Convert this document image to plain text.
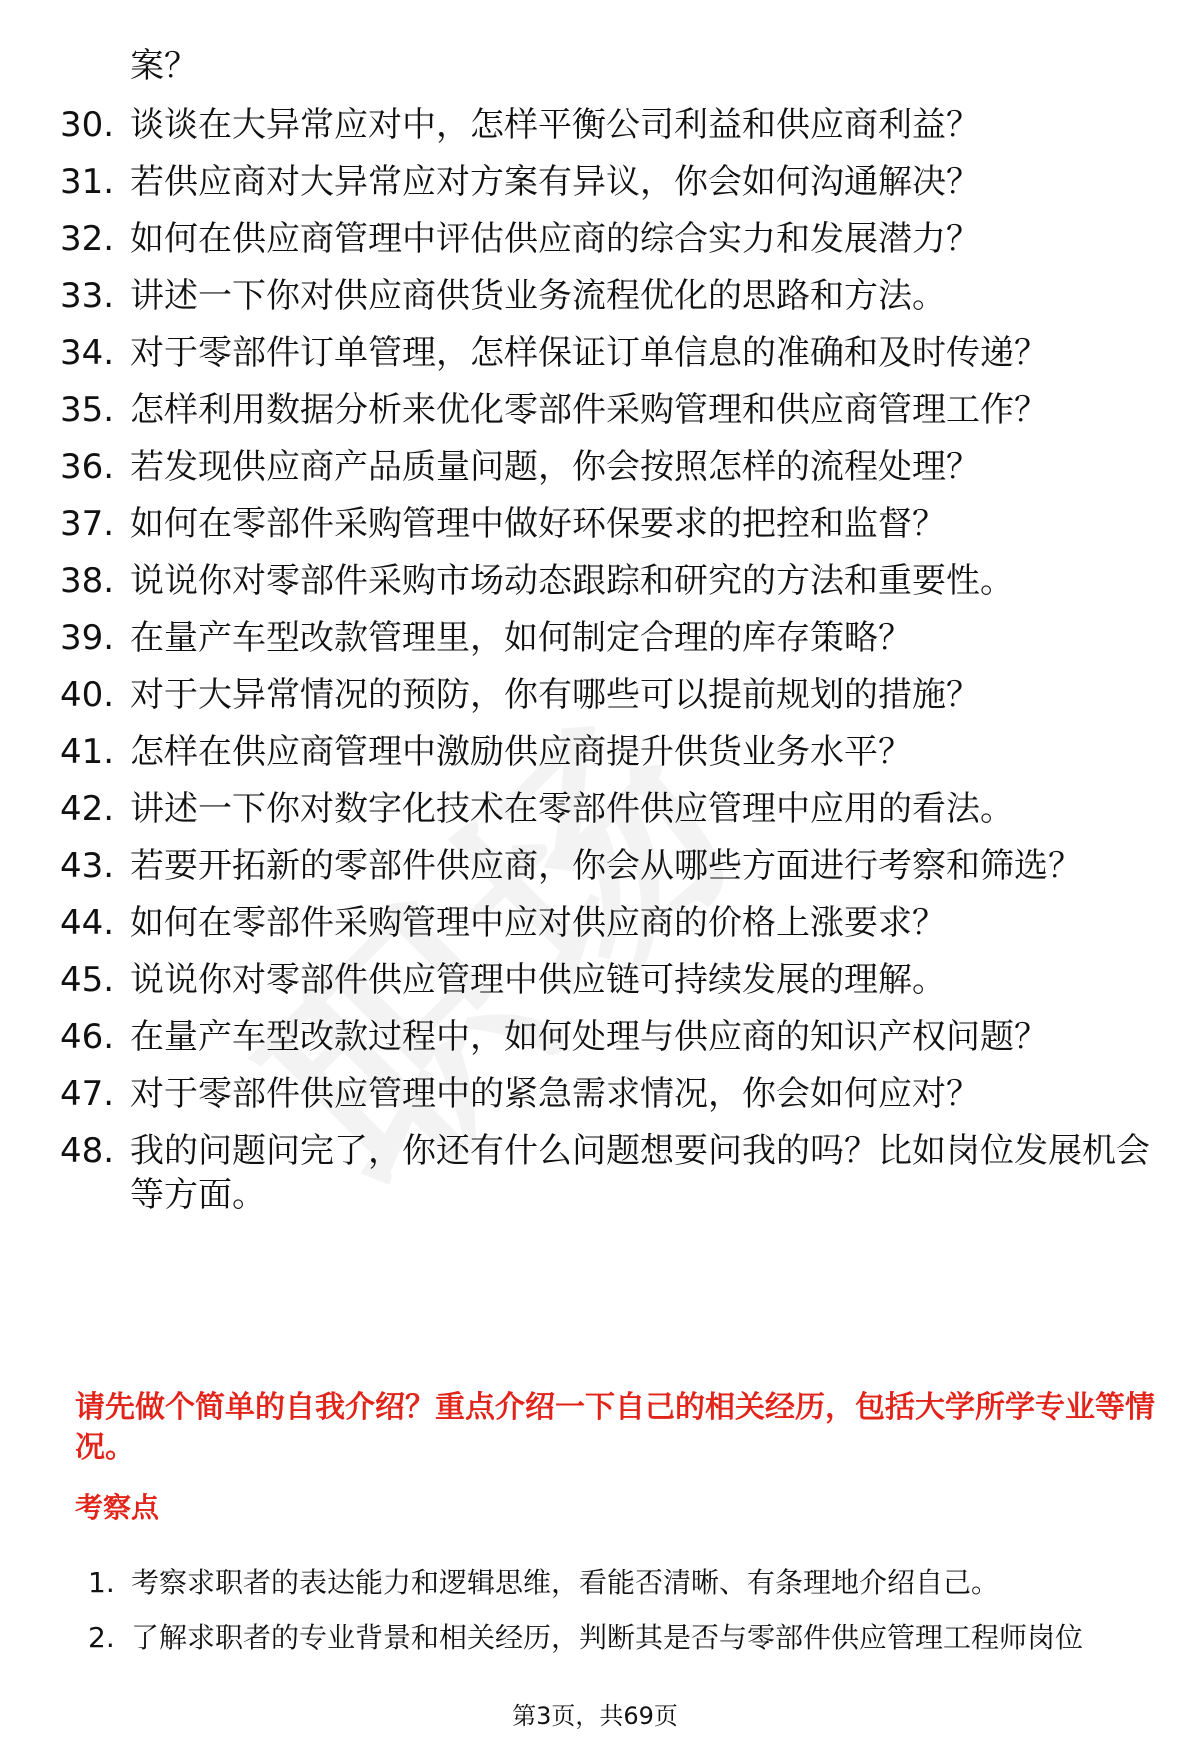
案？
30. 谈谈在大异常应对中，怎样平衡公司利益和供应商利益？
31. 若供应商对大异常应对方案有异议，你会如何沟通解决？
32. 如何在供应商管理中评估供应商的综合实力和发展潜力？
33. 讲述一下你对供应商供货业务流程优化的思路和方法。
34. 对于零部件订单管理，怎样保证订单信息的准确和及时传递？
35. 怎样利用数据分析来优化零部件采购管理和供应商管理工作？
36. 若发现供应商产品质量问题，你会按照怎样的流程处理？
37. 如何在零部件采购管理中做好环保要求的把控和监督？
38. 说说你对零部件采购市场动态跟踪和研究的方法和重要性。
39. 在量产车型改款管理里，如何制定合理的库存策略？
40. 对于大异常情况的预防，你有哪些可以提前规划的措施？
41. 怎样在供应商管理中激励供应商提升供货业务水平？
42. 讲述一下你对数字化技术在零部件供应管理中应用的看法。
43. 若要开拓新的零部件供应商，你会从哪些方面进行考察和筛选？
44. 如何在零部件采购管理中应对供应商的价格上涨要求？
45. 说说你对零部件供应管理中供应链可持续发展的理解。
46. 在量产车型改款过程中，如何处理与供应商的知识产权问题？
47. 对于零部件供应管理中的紧急需求情况，你会如何应对？
48. 我的问题问完了，你还有什么问题想要问我的吗？比如岗位发展机会等方面。
请先做个简单的自我介绍？重点介绍一下自己的相关经历，包括大学所学专业等情况。
考察点
1. 考察求职者的表达能力和逻辑思维，看能否清晰、有条理地介绍自己。
2. 了解求职者的专业背景和相关经历，判断其是否与零部件供应管理工程师岗位
第3页，共69页
